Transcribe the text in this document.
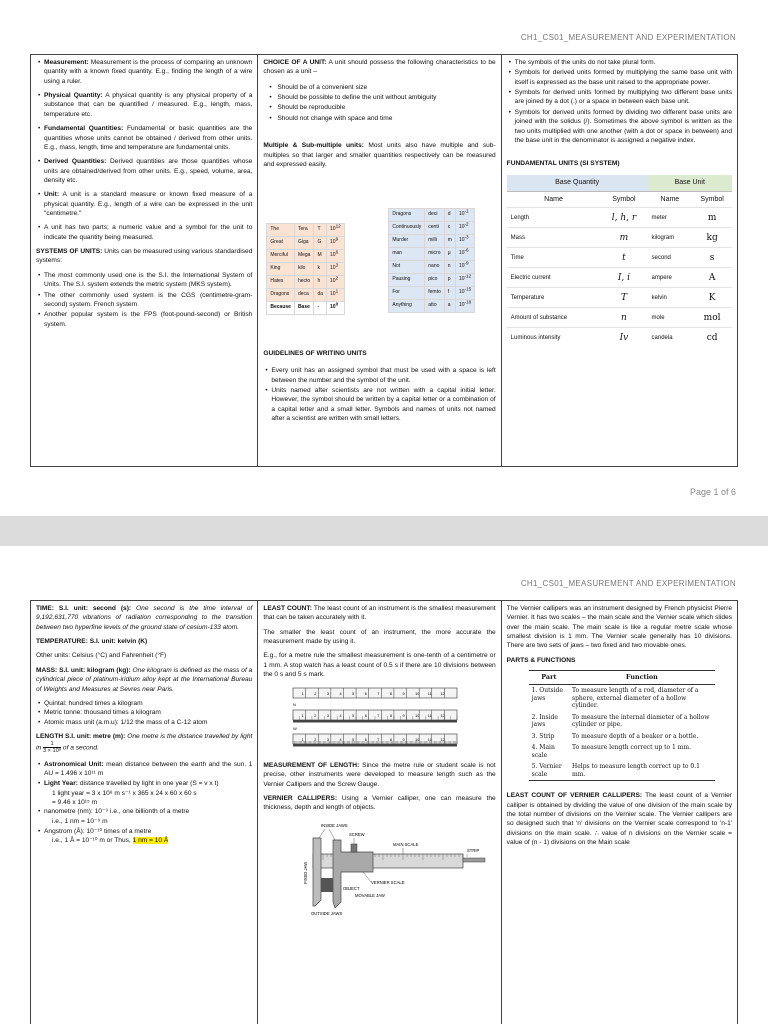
CH1_CS01_MEASUREMENT AND EXPERIMENTATION

• Measurement: Measurement is the process of comparing an unknown quantity with a known fixed quantity. E.g., finding the length of a wire using a ruler.

• Physical Quantity: A physical quantity is any physical property of a substance that can be quantified / measured. E.g., length, mass, temperature etc.

• Fundamental Quantities: Fundamental or basic quantities are the quantities whose units cannot be obtained / derived from other units. E.g., mass, length, time and temperature are fundamental units.

• Derived Quantities: Derived quantities are those quantities whose units are obtained/derived from other units. E.g., speed, volume, area, density etc.

• Unit: A unit is a standard measure or known fixed measure of a physical quantity. E.g., length of a wire can be expressed in the unit "centimetre."

• A unit has two parts; a numeric value and a symbol for the unit to indicate the quantity being measured.

SYSTEMS OF UNITS: Units can be measured using various standardised systems:

• The most commonly used one is the S.I. the International System of Units. The S.I. system extends the metric system (MKS system).

• The other commonly used system is the CGS (centimetre-gram-second) system. French system

• Another popular system is the FPS (foot-pound-second) or British system.

CHOICE OF A UNIT: A unit should possess the following characteristics to be chosen as a unit –

• Should be of a convenient size
• Should be possible to define the unit without ambiguity
• Should be reproducible
• Should not change with space and time

Multiple & Sub-multiple units: Most units also have multiple and sub-multiples so that larger and smaller quantities respectively can be measured and expressed easily.

The	Tera	T	$10^{12}$
Great	Giga	G	$10^9$
Merciful	Mega	M	$10^6$
King	kilo	k	$10^3$
Hates	hecto	h	$10^2$
Dragons	deca	da	$10^1$
Because	Base	-	$10^0$
Dragons	deci	d	$10^{-1}$
Continuously	centi	c	$10^{-2}$
Murder	milli	m	$10^{-3}$
man	micro	μ	$10^{-6}$
Not	nano	n	$10^{-9}$
Pausing	pico	p	$10^{-12}$
For	femto	f	$10^{-15}$
Anything	atto	a	$10^{-18}$

GUIDELINES OF WRITING UNITS

• Every unit has an assigned symbol that must be used with a space is left between the number and the symbol of the unit.

• Units named after scientists are not written with a capital initial letter. However, the symbol should be written by a capital letter or a combination of a capital letter and a small letter. Symbols and names of units not named after a scientist are written with small letters.

• The symbols of the units do not take plural form.

• Symbols for derived units formed by multiplying the same base unit with itself is expressed as the base unit raised to the appropriate power.

• Symbols for derived units formed by multiplying two different base units are joined by a dot (.) or a space in between each base unit.

• Symbols for derived units formed by dividing two different base units are joined with the solidus (/). Sometimes the above symbol is written as the two units multiplied with one another (with a dot or space in between) and the base unit in the denominator is assigned a negative index.

FUNDAMENTAL UNITS (SI SYSTEM)

Base Quantity		Base Unit	
Name	Symbol	Name	Symbol
Length	l, h, r	meter	m
Mass	m	kilogram	kg
Time	t	second	s
Electric current	I, i	ampere	A
Temperature	T	kelvin	K
Amount of substance	n	mole	mol
Luminous intensity	Iv	candela	cd
Page 1 of 6
CH1_CS01_MEASUREMENT AND EXPERIMENTATION

TIME: S.I. unit: second (s): One second is the time interval of 9,192,631,770 vibrations of radiation corresponding to the transition between two hyperfine levels of the ground state of cesium-133 atom.

TEMPERATURE: S.I. unit: kelvin (K)

Other units: Celsius (°C) and Fahrenheit (°F)

MASS: S.I. unit: kilogram (kg): One kilogram is defined as the mass of a cylindrical piece of platinum-iridium alloy kept at the International Bureau of Weights and Measures at Sevres near Paris.

• Quintal: hundred times a kilogram

• Metric tonne: thousand times a kilogram

• Atomic mass unit (a.m.u): 1/12 the mass of a C-12 atom

LENGTH S.I. unit: metre (m): One metre is the distance travelled by light in $\frac{1}{\text{3 × 10⁸}}$ of a second.

• Astronomical Unit: mean distance between the earth and the sun. 1 AU = 1.496 x 10¹¹ m

• Light Year: distance travelled by light in one year (S = v x t)

1 light year = 3 x 10⁸ m s⁻¹ x 365 x 24 x 60 x 60 s

= 9.46 x 10¹⁵ m

• nanometre (nm): 10⁻⁹ i.e., one billionth of a metre

i.e., 1 nm = 10⁻⁹ m

• Angstrom (Å): 10⁻¹⁰ times of a metre

i.e., 1 Å = 10⁻¹⁰ m or Thus, 1 nm = 10 Å

LEAST COUNT: The least count of an instrument is the smallest measurement that can be taken accurately with it.

The smaller the least count of an instrument, the more accurate the measurement made by using it.

E.g., for a metre rule the smallest measurement is one-tenth of a centimetre or 1 mm. A stop watch has a least count of 0.5 s if there are 10 divisions between the 0 s and 5 s mark.

1	2	3	4	5	6	7	8	9	10 11 12
N
1	2	3	4	5	6	7	8	9	10 11 12
W
1	2	3	4	5	6	7	8	9	10 11 12

MEASUREMENT OF LENGTH: Since the metre rule or student scale is not precise, other instruments were developed to measure length such as the Vernier Callipers and the Screw Gauge.

VERNIER CALLIPERS: Using a Vernier calliper, one can measure the thickness, depth and length of objects.

INSIDE JAWS
SCREW
MAIN SCALE
STRIP
FIXED JAW	VERNIER SCALE
OBJECT
MOVABLE JAW
OUTSIDE JAWS

The Vernier callipers was an instrument designed by French physicist Pierre Vernier. It has two scales – the main scale and the Vernier scale which slides over the main scale. The main scale is like a regular metre scale whose smallest division is 1 mm. The Vernier scale generally has 10 divisions. There are two sets of jaws – two fixed and two movable ones.

PARTS & FUNCTIONS

Part	Function
1. Outside jaws	To measure length of a rod, diameter of a sphere, external diameter of a hollow cylinder.
2. Inside jaws	To measure the internal diameter of a hollow cylinder or pipe.
3. Strip	To measure depth of a beaker or a bottle.
4. Main scale	To measure length correct up to 1 mm.
5. Vernier scale	Helps to measure length correct up to 0.1 mm.

LEAST COUNT OF VERNIER CALLIPERS: The least count of a Vernier calliper is obtained by dividing the value of one division of the main scale by the total number of divisions on the Vernier scale. The Vernier callipers are so designed such that 'n' divisions on the Vernier scale correspond to 'n-1' divisions on the main scale. ∴ value of n divisions on the Vernier scale = value of (n - 1) divisions on the Main scale
